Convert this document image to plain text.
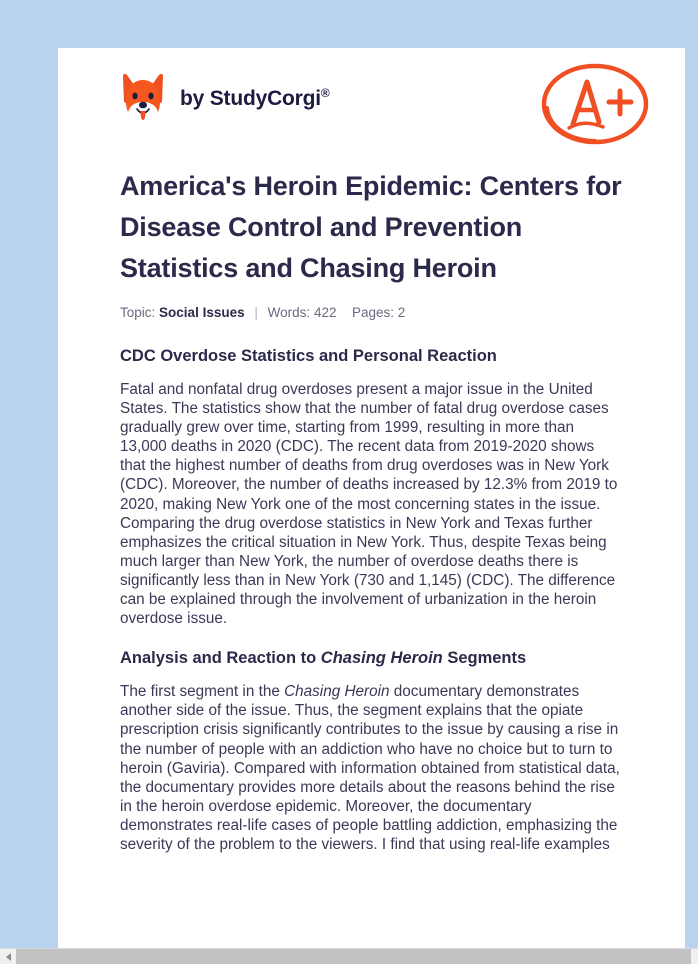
by StudyCorgi®
America's Heroin Epidemic: Centers for Disease Control and Prevention Statistics and Chasing Heroin
Topic: Social Issues | Words: 422 Pages: 2
CDC Overdose Statistics and Personal Reaction

Fatal and nonfatal drug overdoses present a major issue in the United States. The statistics show that the number of fatal drug overdose cases gradually grew over time, starting from 1999, resulting in more than 13,000 deaths in 2020 (CDC). The recent data from 2019-2020 shows that the highest number of deaths from drug overdoses was in New York (CDC). Moreover, the number of deaths increased by 12.3% from 2019 to 2020, making New York one of the most concerning states in the issue. Comparing the drug overdose statistics in New York and Texas further emphasizes the critical situation in New York. Thus, despite Texas being much larger than New York, the number of overdose deaths there is significantly less than in New York (730 and 1,145) (CDC). The difference can be explained through the involvement of urbanization in the heroin overdose issue.

Analysis and Reaction to Chasing Heroin Segments

The first segment in the Chasing Heroin documentary demonstrates another side of the issue. Thus, the segment explains that the opiate prescription crisis significantly contributes to the issue by causing a rise in the number of people with an addiction who have no choice but to turn to heroin (Gaviria). Compared with information obtained from statistical data, the documentary provides more details about the reasons behind the rise in the heroin overdose epidemic. Moreover, the documentary demonstrates real-life cases of people battling addiction, emphasizing the severity of the problem to the viewers. I find that using real-life examples
